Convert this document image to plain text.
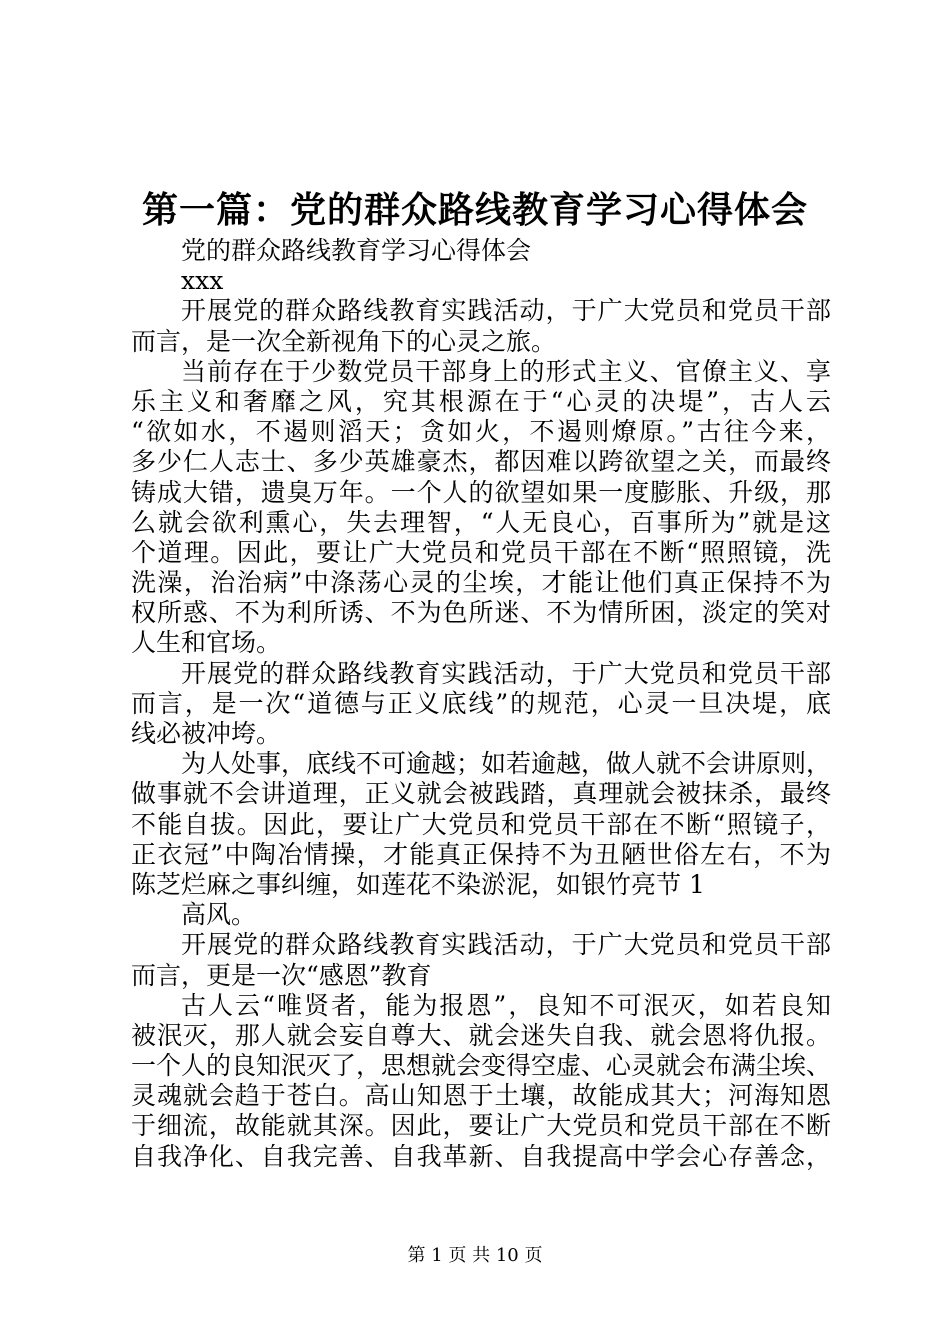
第一篇：党的群众路线教育学习心得体会
党的群众路线教育学习心得体会
xxx
开展党的群众路线教育实践活动，于广大党员和党员干部
而言，是一次全新视角下的心灵之旅。
当前存在于少数党员干部身上的形式主义、官僚主义、享
乐主义和奢靡之风，究其根源在于“心灵的决堤”，古人云
“欲如水，不遏则滔天；贪如火，不遏则燎原。”古往今来，
多少仁人志士、多少英雄豪杰，都因难以跨欲望之关，而最终
铸成大错，遗臭万年。一个人的欲望如果一度膨胀、升级，那
么就会欲利熏心，失去理智，“人无良心，百事所为”就是这
个道理。因此，要让广大党员和党员干部在不断“照照镜，洗
洗澡，治治病”中涤荡心灵的尘埃，才能让他们真正保持不为
权所惑、不为利所诱、不为色所迷、不为情所困，淡定的笑对
人生和官场。
开展党的群众路线教育实践活动，于广大党员和党员干部
而言，是一次“道德与正义底线”的规范，心灵一旦决堤，底
线必被冲垮。
为人处事，底线不可逾越；如若逾越，做人就不会讲原则，
做事就不会讲道理，正义就会被践踏，真理就会被抹杀，最终
不能自拔。因此，要让广大党员和党员干部在不断“照镜子，
正衣冠”中陶冶情操，才能真正保持不为丑陋世俗左右，不为
陈芝烂麻之事纠缠，如莲花不染淤泥，如银竹亮节 1
高风。
开展党的群众路线教育实践活动，于广大党员和党员干部
而言，更是一次“感恩”教育
古人云“唯贤者，能为报恩”，良知不可泯灭，如若良知
被泯灭，那人就会妄自尊大、就会迷失自我、就会恩将仇报。
一个人的良知泯灭了，思想就会变得空虚、心灵就会布满尘埃、
灵魂就会趋于苍白。高山知恩于土壤，故能成其大；河海知恩
于细流，故能就其深。因此，要让广大党员和党员干部在不断
自我净化、自我完善、自我革新、自我提高中学会心存善念，
第 1 页 共 10 页
